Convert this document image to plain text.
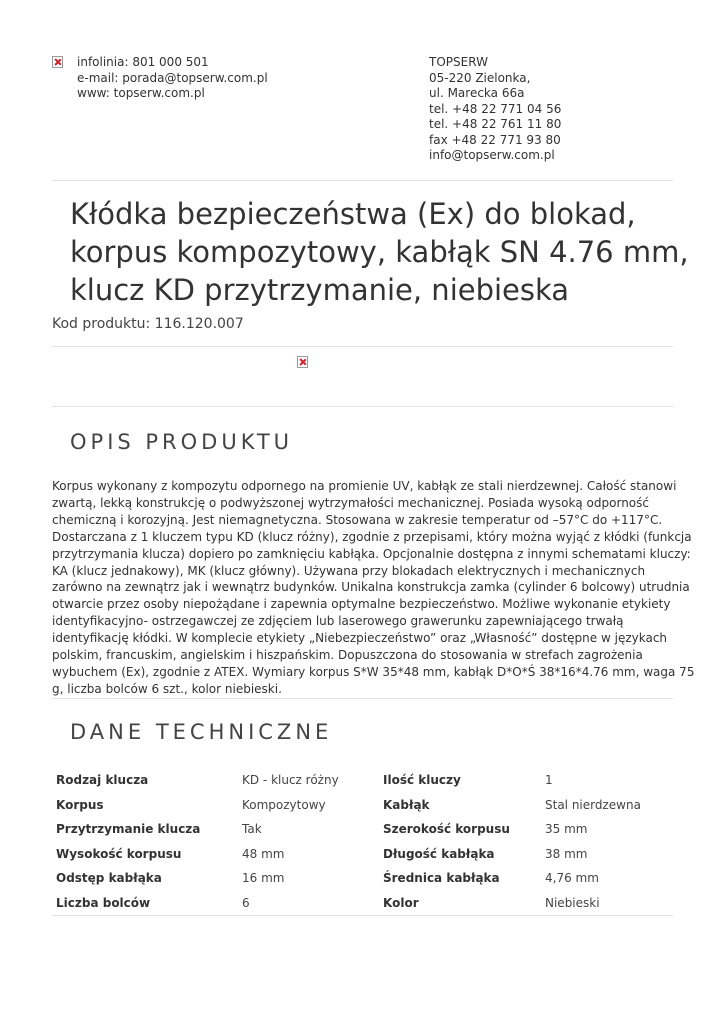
infolinia: 801 000 501
e-mail: porada@topserw.com.pl
www: topserw.com.pl
TOPSERW
05-220 Zielonka,
ul. Marecka 66a
tel. +48 22 771 04 56
tel. +48 22 761 11 80
fax +48 22 771 93 80
info@topserw.com.pl
Kłódka bezpieczeństwa (Ex) do blokad,
korpus kompozytowy, kabłąk SN 4.76 mm,
klucz KD przytrzymanie, niebieska
Kod produktu: 116.120.007
OPIS PRODUKTU
Korpus wykonany z kompozytu odpornego na promienie UV, kabłąk ze stali nierdzewnej. Całość stanowi
zwartą, lekką konstrukcję o podwyższonej wytrzymałości mechanicznej. Posiada wysoką odporność
chemiczną i korozyjną. Jest niemagnetyczna. Stosowana w zakresie temperatur od –57°C do +117°C.
Dostarczana z 1 kluczem typu KD (klucz różny), zgodnie z przepisami, który można wyjąć z kłódki (funkcja
przytrzymania klucza) dopiero po zamknięciu kabłąka. Opcjonalnie dostępna z innymi schematami kluczy:
KA (klucz jednakowy), MK (klucz główny). Używana przy blokadach elektrycznych i mechanicznych
zarówno na zewnątrz jak i wewnątrz budynków. Unikalna konstrukcja zamka (cylinder 6 bolcowy) utrudnia
otwarcie przez osoby niepożądane i zapewnia optymalne bezpieczeństwo. Możliwe wykonanie etykiety
identyfikacyjno- ostrzegawczej ze zdjęciem lub laserowego grawerunku zapewniającego trwałą
identyfikację kłódki. W komplecie etykiety „Niebezpieczeństwo” oraz „Własność” dostępne w językach
polskim, francuskim, angielskim i hiszpańskim. Dopuszczona do stosowania w strefach zagrożenia
wybuchem (Ex), zgodnie z ATEX. Wymiary korpus S*W 35*48 mm, kabłąk D*O*Ś 38*16*4.76 mm, waga 75
g, liczba bolców 6 szt., kolor niebieski.
DANE TECHNICZNE
Rodzaj klucza	KD - klucz różny	Ilość kluczy	1
Korpus	Kompozytowy	Kabłąk	Stal nierdzewna
Przytrzymanie klucza	Tak	Szerokość korpusu	35 mm
Wysokość korpusu	48 mm	Długość kabłąka	38 mm
Odstęp kabłąka	16 mm	Średnica kabłąka	4,76 mm
Liczba bolców	6	Kolor	Niebieski
